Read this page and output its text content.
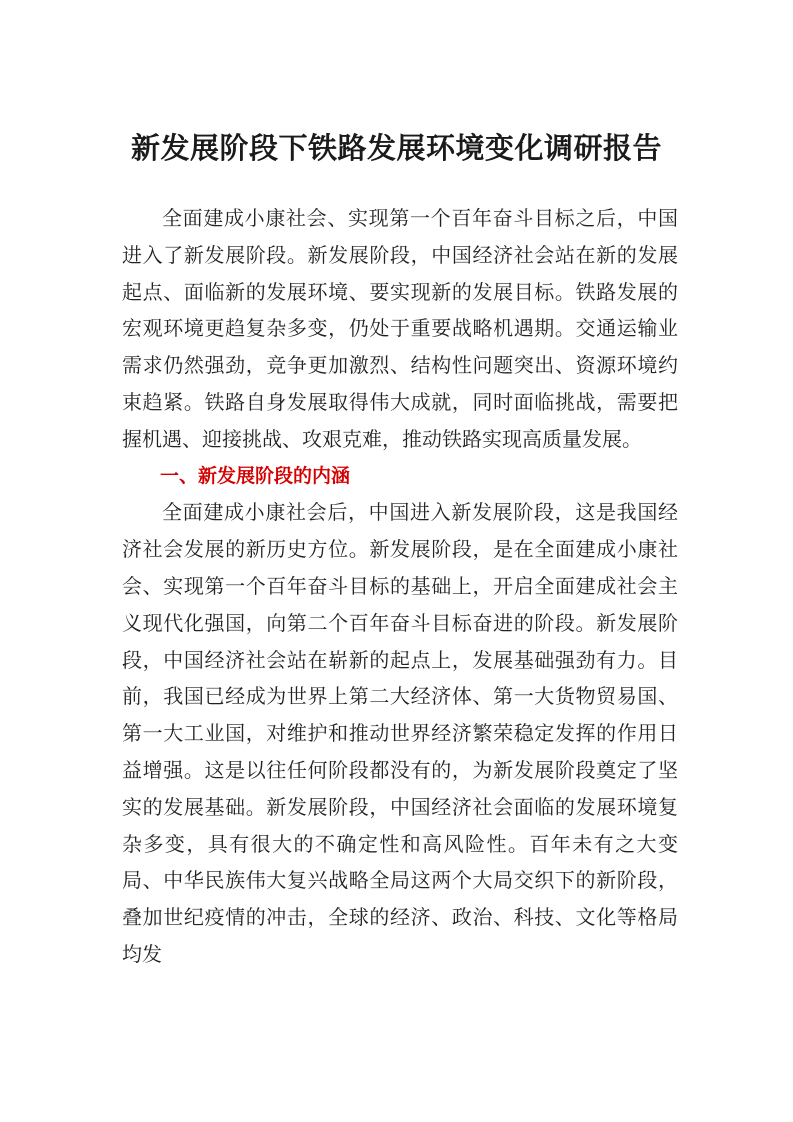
新发展阶段下铁路发展环境变化调研报告

全面建成小康社会、实现第一个百年奋斗目标之后，中国进入了新发展阶段。新发展阶段，中国经济社会站在新的发展起点、面临新的发展环境、要实现新的发展目标。铁路发展的宏观环境更趋复杂多变，仍处于重要战略机遇期。交通运输业需求仍然强劲，竞争更加激烈、结构性问题突出、资源环境约束趋紧。铁路自身发展取得伟大成就，同时面临挑战，需要把握机遇、迎接挑战、攻艰克难，推动铁路实现高质量发展。

一、新发展阶段的内涵

全面建成小康社会后，中国进入新发展阶段，这是我国经济社会发展的新历史方位。新发展阶段，是在全面建成小康社会、实现第一个百年奋斗目标的基础上，开启全面建成社会主义现代化强国，向第二个百年奋斗目标奋进的阶段。新发展阶段，中国经济社会站在崭新的起点上，发展基础强劲有力。目前，我国已经成为世界上第二大经济体、第一大货物贸易国、第一大工业国，对维护和推动世界经济繁荣稳定发挥的作用日益增强。这是以往任何阶段都没有的，为新发展阶段奠定了坚实的发展基础。新发展阶段，中国经济社会面临的发展环境复杂多变，具有很大的不确定性和高风险性。百年未有之大变局、中华民族伟大复兴战略全局这两个大局交织下的新阶段，叠加世纪疫情的冲击，全球的经济、政治、科技、文化等格局均发
